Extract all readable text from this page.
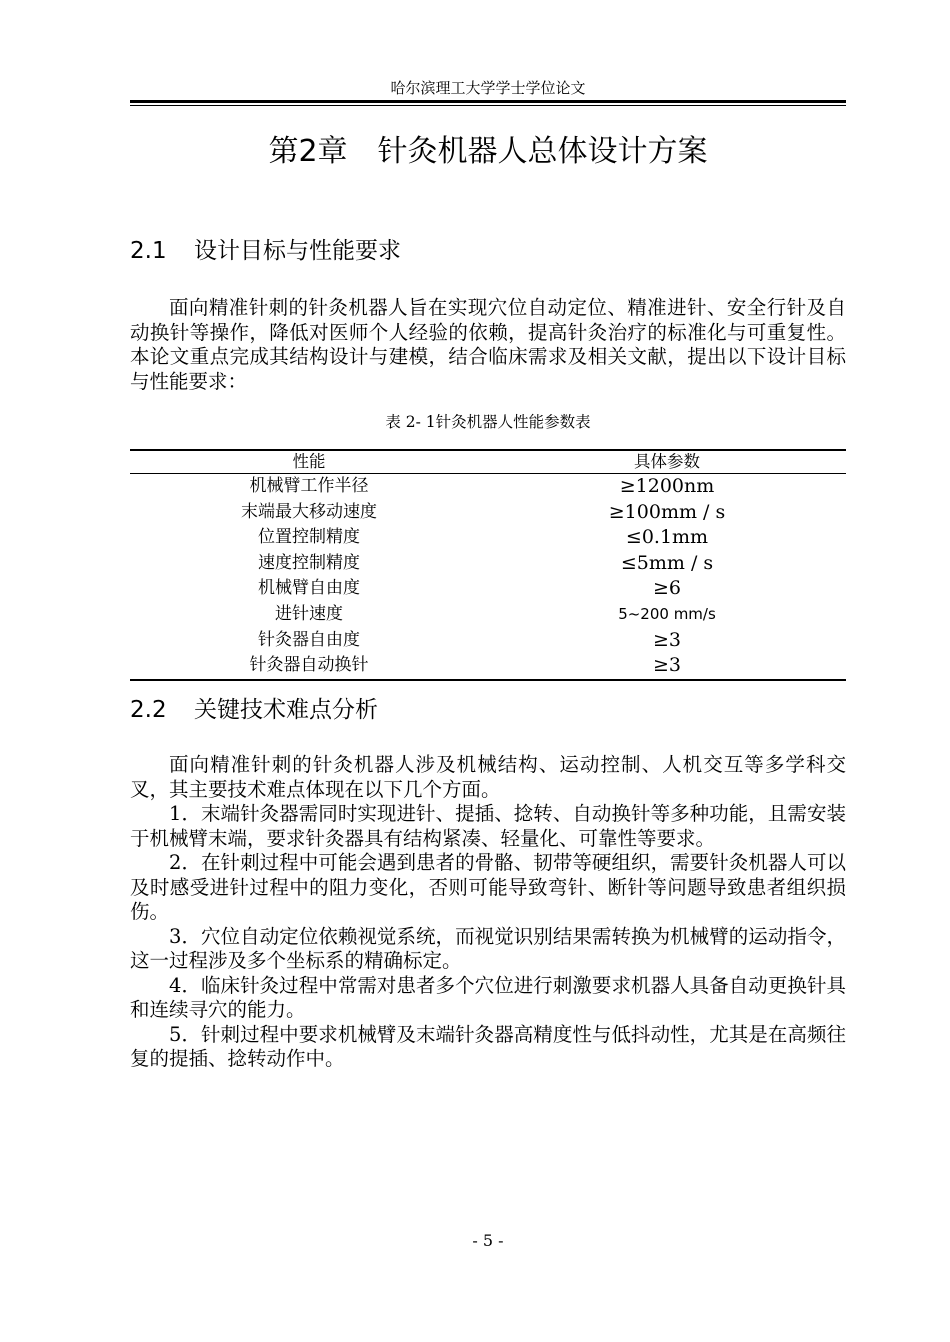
哈尔滨理工大学学士学位论文
第2章　针灸机器人总体设计方案
2.1 设计目标与性能要求

面向精准针刺的针灸机器人旨在实现穴位自动定位、精准进针、安全行针及自动换针等操作，降低对医师个人经验的依赖，提高针灸治疗的标准化与可重复性。本论文重点完成其结构设计与建模，结合临床需求及相关文献，提出以下设计目标与性能要求：

表 2- 1针灸机器人性能参数表
性能	具体参数
机械臂工作半径	≥1200nm
末端最大移动速度	≥100mm / s
位置控制精度	≤0.1mm
速度控制精度	≤5mm / s
机械臂自由度	≥6
进针速度	5~200 mm/s
针灸器自由度	≥3
针灸器自动换针	≥3
2.2 关键技术难点分析

面向精准针刺的针灸机器人涉及机械结构、运动控制、人机交互等多学科交叉，其主要技术难点体现在以下几个方面。

1．末端针灸器需同时实现进针、提插、捻转、自动换针等多种功能，且需安装于机械臂末端，要求针灸器具有结构紧凑、轻量化、可靠性等要求。

2．在针刺过程中可能会遇到患者的骨骼、韧带等硬组织，需要针灸机器人可以及时感受进针过程中的阻力变化，否则可能导致弯针、断针等问题导致患者组织损伤。

3．穴位自动定位依赖视觉系统，而视觉识别结果需转换为机械臂的运动指令，这一过程涉及多个坐标系的精确标定。

4．临床针灸过程中常需对患者多个穴位进行刺激要求机器人具备自动更换针具和连续寻穴的能力。

5．针刺过程中要求机械臂及末端针灸器高精度性与低抖动性，尤其是在高频往复的提插、捻转动作中。

- 5 -
